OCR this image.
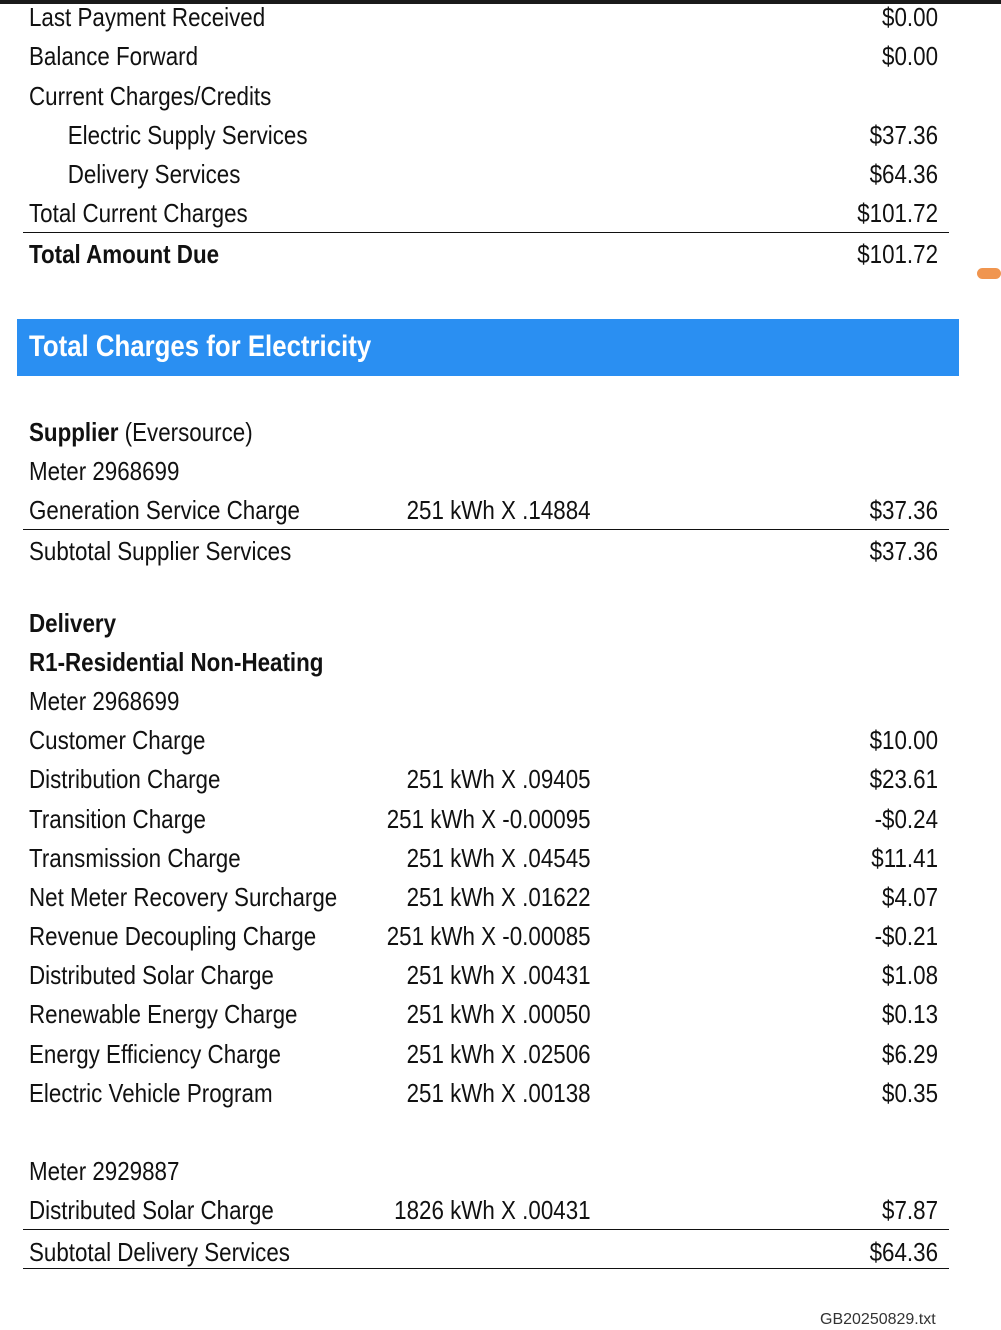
Last Payment Received	$0.00
Balance Forward	$0.00
Current Charges/Credits
Electric Supply Services	$37.36
Delivery Services	$64.36
Total Current Charges	$101.72
Total Amount Due	$101.72
Total Charges for Electricity
Supplier (Eversource)
Meter 2968699
Generation Service Charge	251 kWh X .14884	$37.36
Subtotal Supplier Services	$37.36
Delivery
R1-Residential Non-Heating
Meter 2968699
Customer Charge	$10.00
Distribution Charge	251 kWh X .09405	$23.61
Transition Charge	251 kWh X -0.00095	-$0.24
Transmission Charge	251 kWh X .04545	$11.41
Net Meter Recovery Surcharge	251 kWh X .01622	$4.07
Revenue Decoupling Charge	251 kWh X -0.00085	-$0.21
Distributed Solar Charge	251 kWh X .00431	$1.08
Renewable Energy Charge	251 kWh X .00050	$0.13
Energy Efficiency Charge	251 kWh X .02506	$6.29
Electric Vehicle Program	251 kWh X .00138	$0.35
Meter 2929887
Distributed Solar Charge	1826 kWh X .00431	$7.87
Subtotal Delivery Services	$64.36
GB20250829.txt
